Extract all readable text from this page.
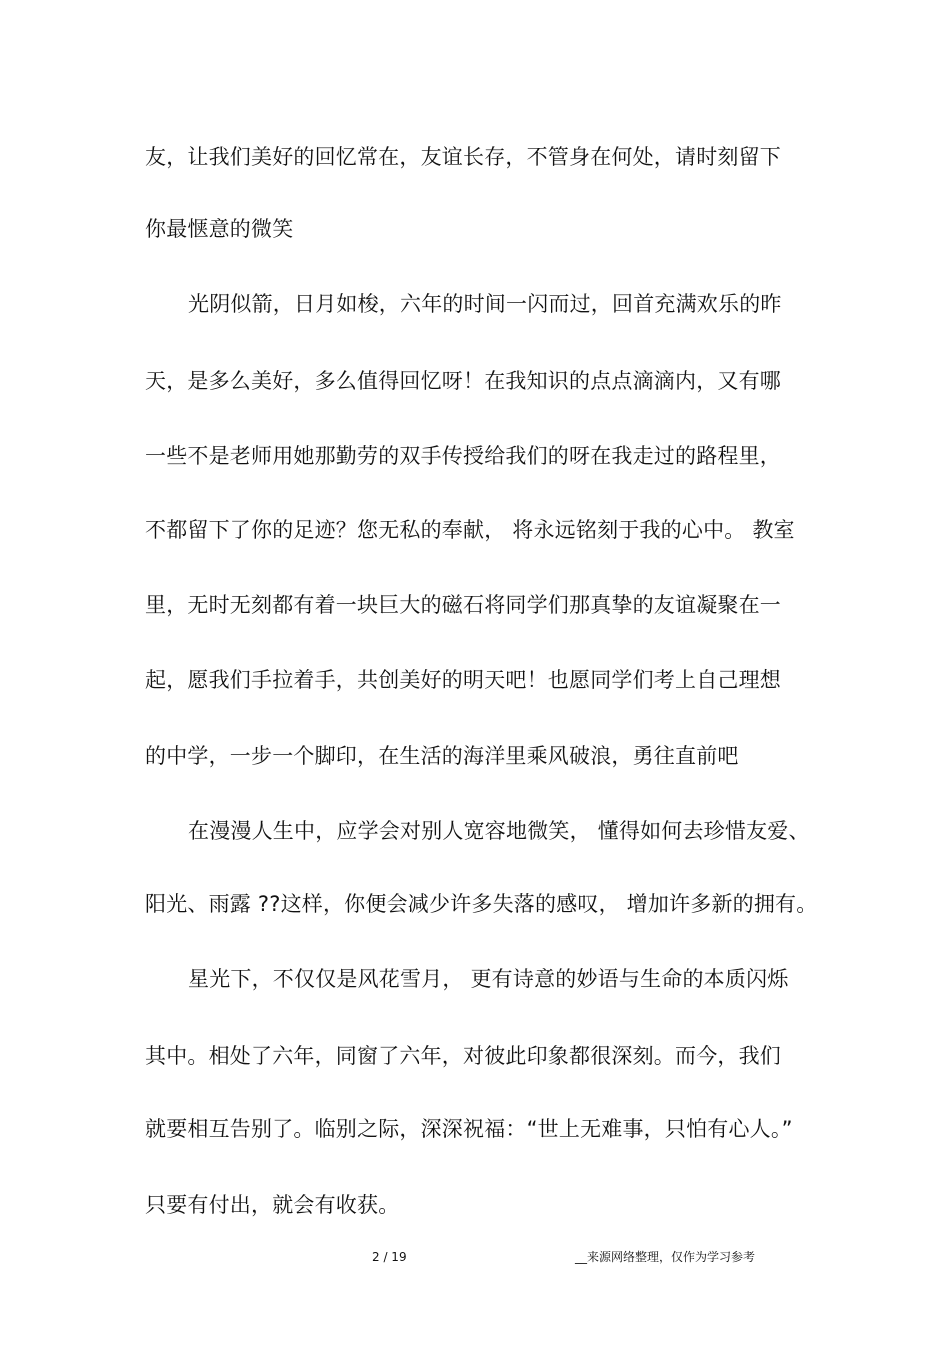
友，让我们美好的回忆常在，友谊长存，不管身在何处，请时刻留下
你最惬意的微笑
光阴似箭，日月如梭，六年的时间一闪而过，回首充满欢乐的昨
天，是多么美好，多么值得回忆呀！在我知识的点点滴滴内，又有哪
一些不是老师用她那勤劳的双手传授给我们的呀在我走过的路程里，
不都留下了你的足迹？您无私的奉献， 将永远铭刻于我的心中。 教室
里，无时无刻都有着一块巨大的磁石将同学们那真挚的友谊凝聚在一
起，愿我们手拉着手，共创美好的明天吧！也愿同学们考上自己理想
的中学，一步一个脚印，在生活的海洋里乘风破浪，勇往直前吧
在漫漫人生中，应学会对别人宽容地微笑， 懂得如何去珍惜友爱、
阳光、雨露 ??这样，你便会减少许多失落的感叹， 增加许多新的拥有。
星光下，不仅仅是风花雪月， 更有诗意的妙语与生命的本质闪烁
其中。相处了六年，同窗了六年，对彼此印象都很深刻。而今，我们
就要相互告别了。临别之际，深深祝福：“世上无难事，只怕有心人。”
只要有付出，就会有收获。
2 / 19	__来源网络整理，仅作为学习参考
